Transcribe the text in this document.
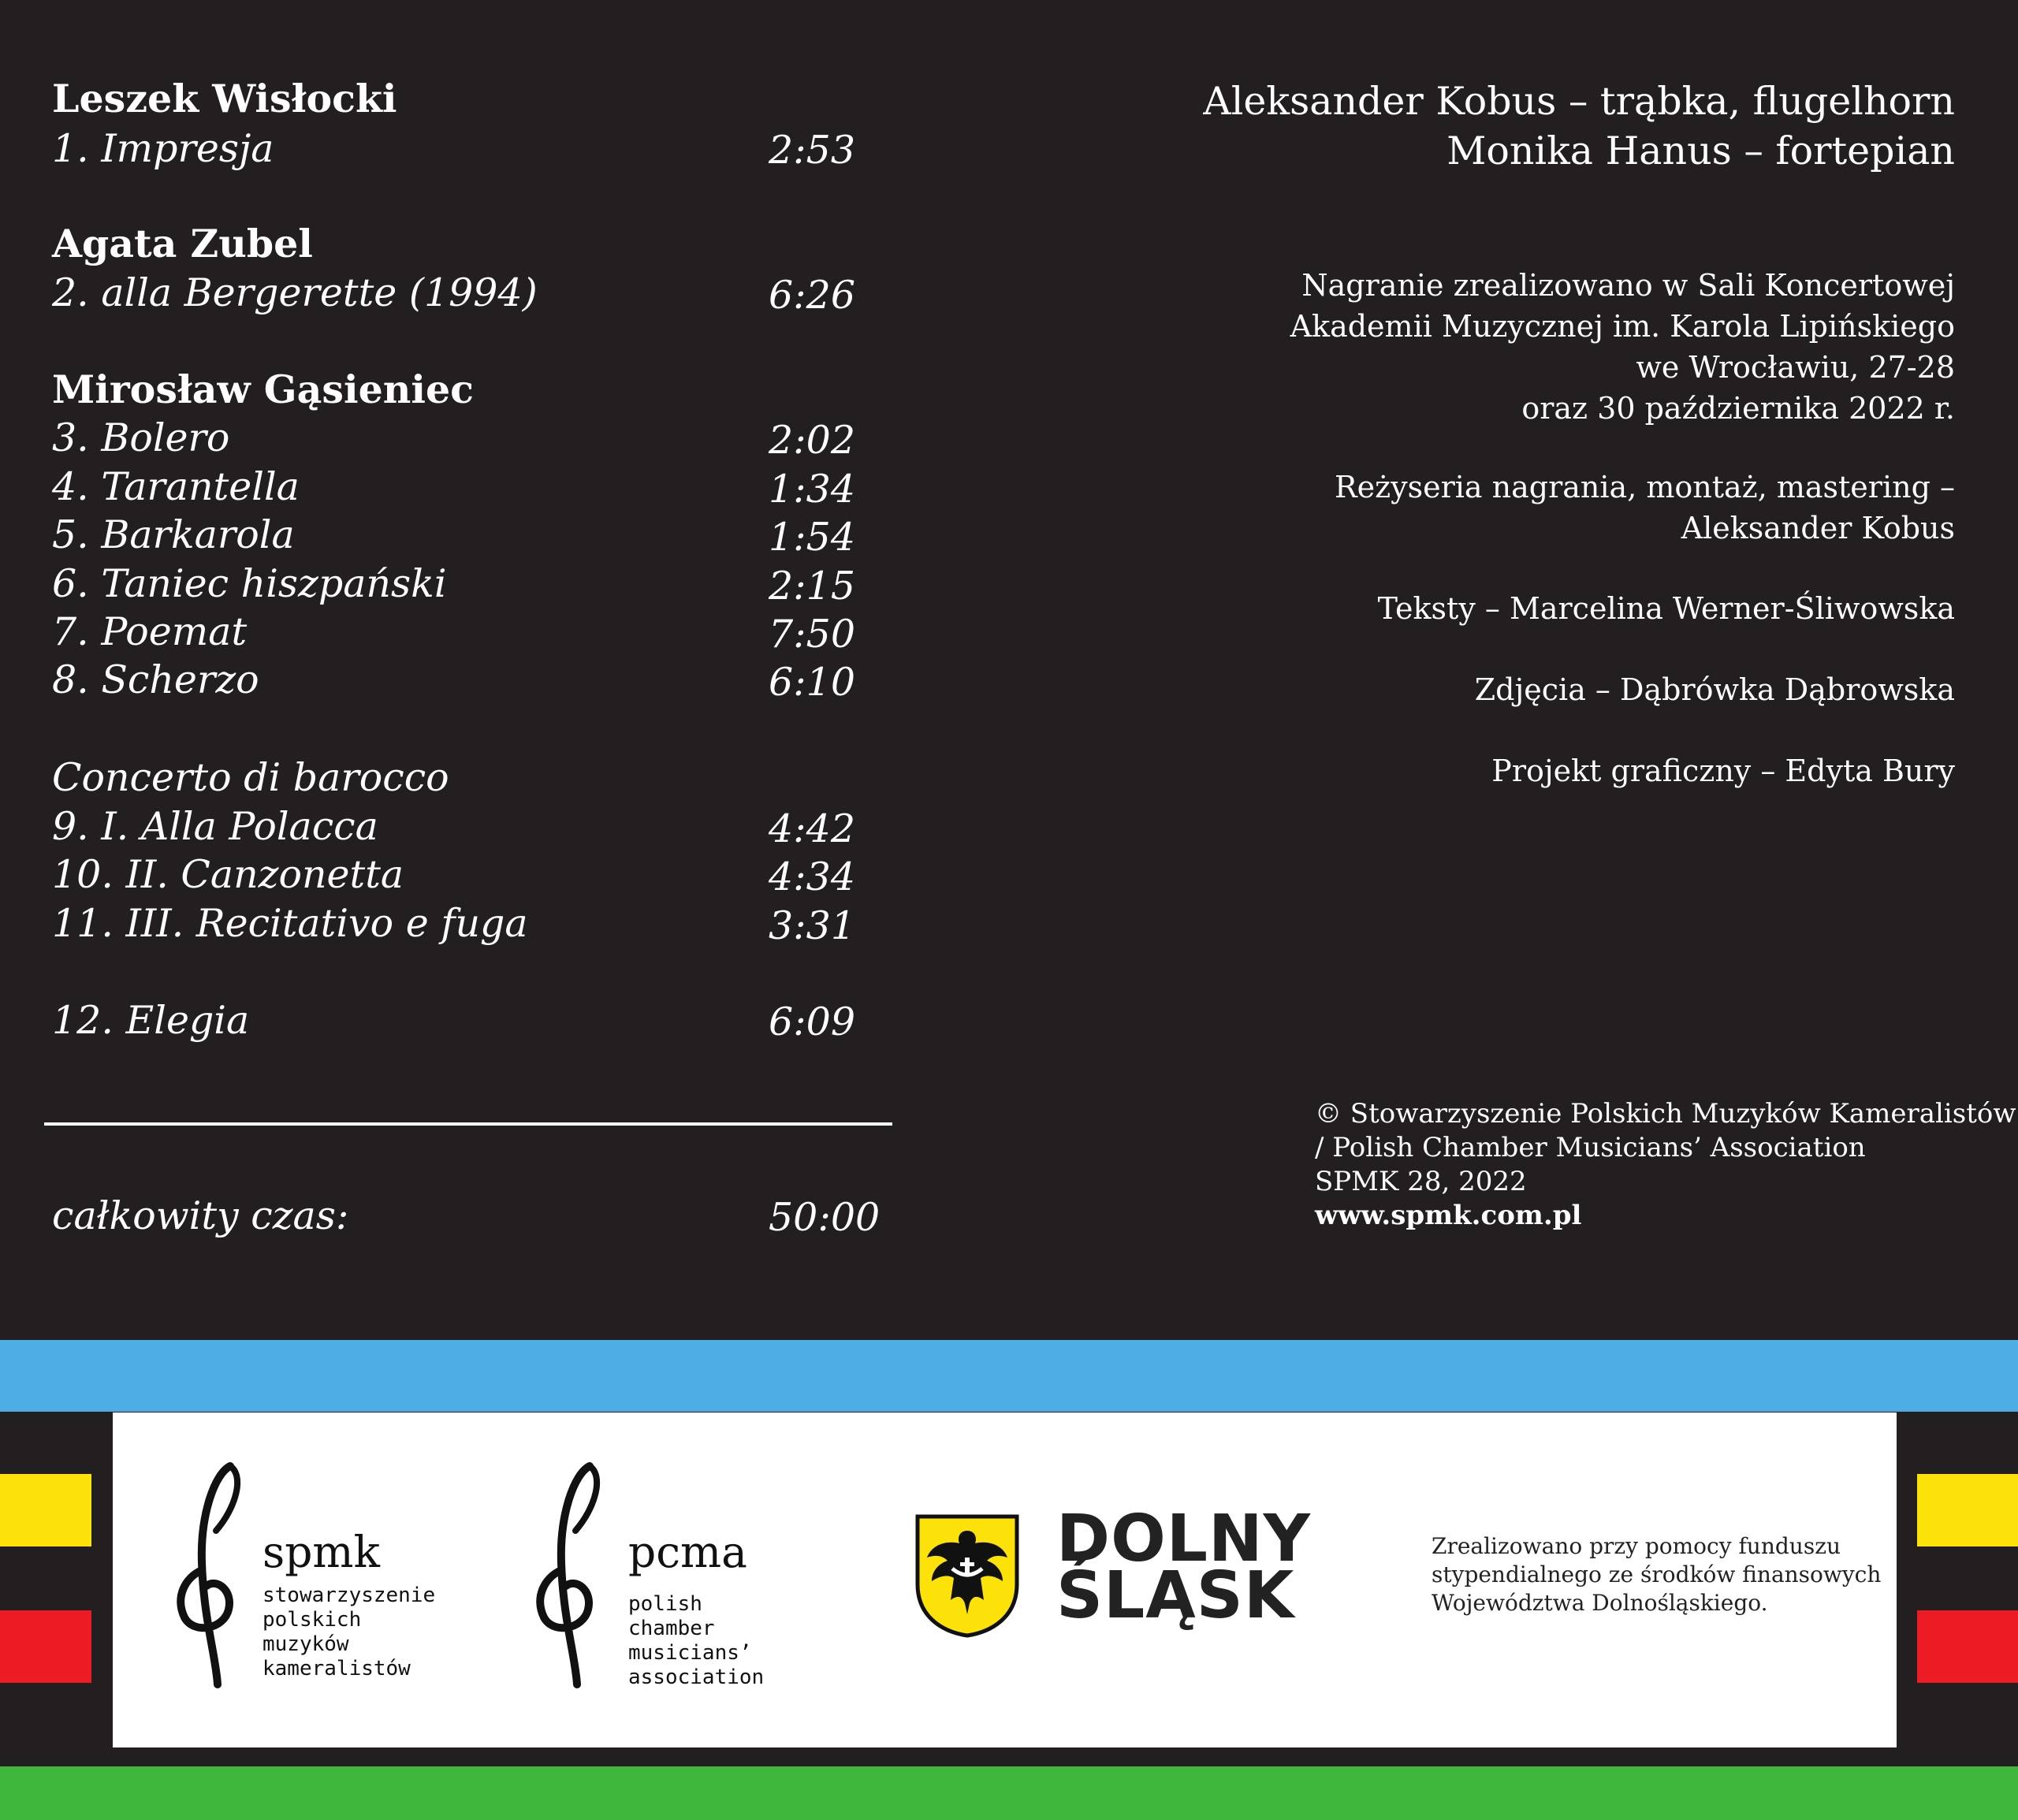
Leszek Wisłocki
1. Impresja	2:53
Agata Zubel
2. alla Bergerette (1994)	6:26
Mirosław Gąsieniec
3. Bolero	2:02
4. Tarantella	1:34
5. Barkarola	1:54
6. Taniec hiszpański	2:15
7. Poemat	7:50
8. Scherzo	6:10
Concerto di barocco
9. I. Alla Polacca	4:42
10. II. Canzonetta	4:34
11. III. Recitativo e fuga	3:31
12. Elegia	6:09
całkowity czas:	50:00
Aleksander Kobus – trąbka, flugelhorn
Monika Hanus – fortepian
Nagranie zrealizowano w Sali Koncertowej
Akademii Muzycznej im. Karola Lipińskiego
we Wrocławiu, 27-28
oraz 30 października 2022 r.
Reżyseria nagrania, montaż, mastering –
Aleksander Kobus
Teksty – Marcelina Werner-Śliwowska
Zdjęcia – Dąbrówka Dąbrowska
Projekt graficzny – Edyta Bury
© Stowarzyszenie Polskich Muzyków Kameralistów
/ Polish Chamber Musicians’ Association
SPMK 28, 2022
www.spmk.com.pl
spmk
stowarzyszenie
polskich
muzyków
kameralistów
pcma
polish
chamber
musicians’
association
DOLNY
ŚLĄSK
Zrealizowano przy pomocy funduszu
stypendialnego ze środków finansowych
Województwa Dolnośląskiego.
